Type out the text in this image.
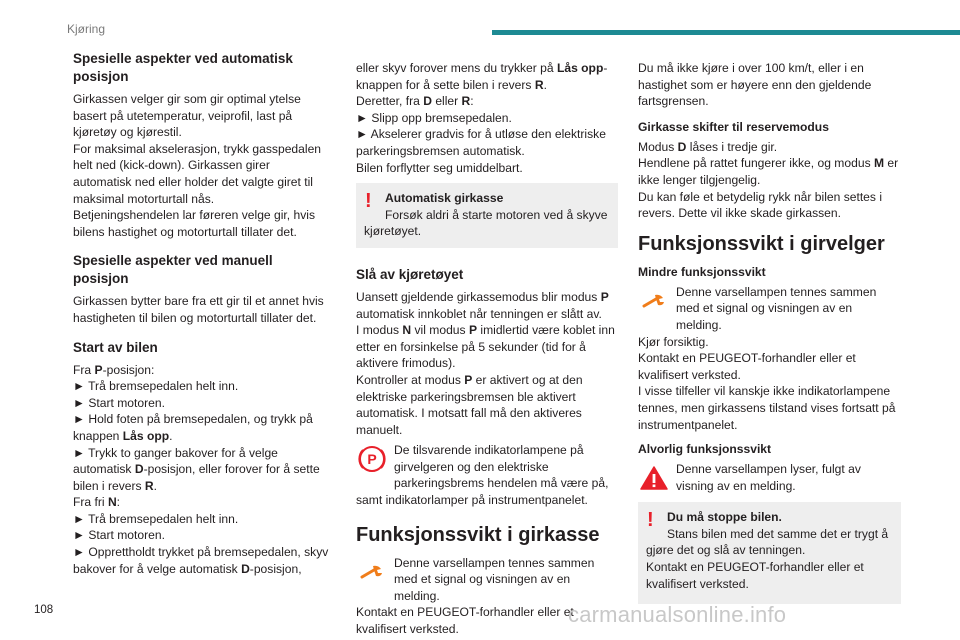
Kjøring
Spesielle aspekter ved automatisk posisjon

Girkassen velger gir som gir optimal ytelse basert på utetemperatur, veiprofil, last på kjøretøy og kjørestil.

For maksimal akselerasjon, trykk gasspedalen helt ned (kick-down). Girkassen girer automatisk ned eller holder det valgte giret til maksimal motorturtall nås.

Betjeningshendelen lar føreren velge gir, hvis bilens hastighet og motorturtall tillater det.

Spesielle aspekter ved manuell posisjon

Girkassen bytter bare fra ett gir til et annet hvis hastigheten til bilen og motorturtall tillater det.

Start av bilen

Fra P-posisjon:

► Trå bremsepedalen helt inn.

► Start motoren.

► Hold foten på bremsepedalen, og trykk på knappen Lås opp.

► Trykk to ganger bakover for å velge automatisk D-posisjon, eller forover for å sette bilen i revers R.

Fra fri N:

► Trå bremsepedalen helt inn.

► Start motoren.

► Opprettholdt trykket på bremsepedalen, skyv bakover for å velge automatisk D-posisjon,

eller skyv forover mens du trykker på Lås opp-knappen for å sette bilen i revers R.

Deretter, fra D eller R:

► Slipp opp bremsepedalen.

► Akselerer gradvis for å utløse den elektriske parkeringsbremsen automatisk.

Bilen forflytter seg umiddelbart.

!	Automatisk girkasse
Forsøk aldri å starte motoren ved å skyve kjøretøyet.
Slå av kjøretøyet

Uansett gjeldende girkassemodus blir modus P automatisk innkoblet når tenningen er slått av.

I modus N vil modus P imidlertid være koblet inn etter en forsinkelse på 5 sekunder (tid for å aktivere frimodus).

Kontroller at modus P er aktivert og at den elektriske parkeringsbremsen ble aktivert automatisk. I motsatt fall må den aktiveres manuelt.

P
De tilsvarende indikatorlampene på girvelgeren og den elektriske parkeringsbrems hendelen må være på, samt indikatorlamper på instrumentpanelet.
Funksjonssvikt i girkasse
Denne varsellampen tennes sammen med et signal og visningen av en melding.

Kontakt en PEUGEOT-forhandler eller et kvalifisert verksted.

Du må ikke kjøre i over 100 km/t, eller i en hastighet som er høyere enn den gjeldende fartsgrensen.

Girkasse skifter til reservemodus

Modus D låses i tredje gir.

Hendlene på rattet fungerer ikke, og modus M er ikke lenger tilgjengelig.

Du kan føle et betydelig rykk når bilen settes i revers. Dette vil ikke skade girkassen.

Funksjonssvikt i girvelger
Mindre funksjonssvikt
Denne varsellampen tennes sammen med et signal og visningen av en melding.

Kjør forsiktig.

Kontakt en PEUGEOT-forhandler eller et kvalifisert verksted.

I visse tilfeller vil kanskje ikke indikatorlampene tennes, men girkassens tilstand vises fortsatt på instrumentpanelet.

Alvorlig funksjonssvikt
Denne varsellampen lyser, fulgt av visning av en melding.
!	Du må stoppe bilen.
Stans bilen med det samme det er trygt å gjøre det og slå av tenningen.
Kontakt en PEUGEOT-forhandler eller et kvalifisert verksted.
108	carmanualsonline.info
